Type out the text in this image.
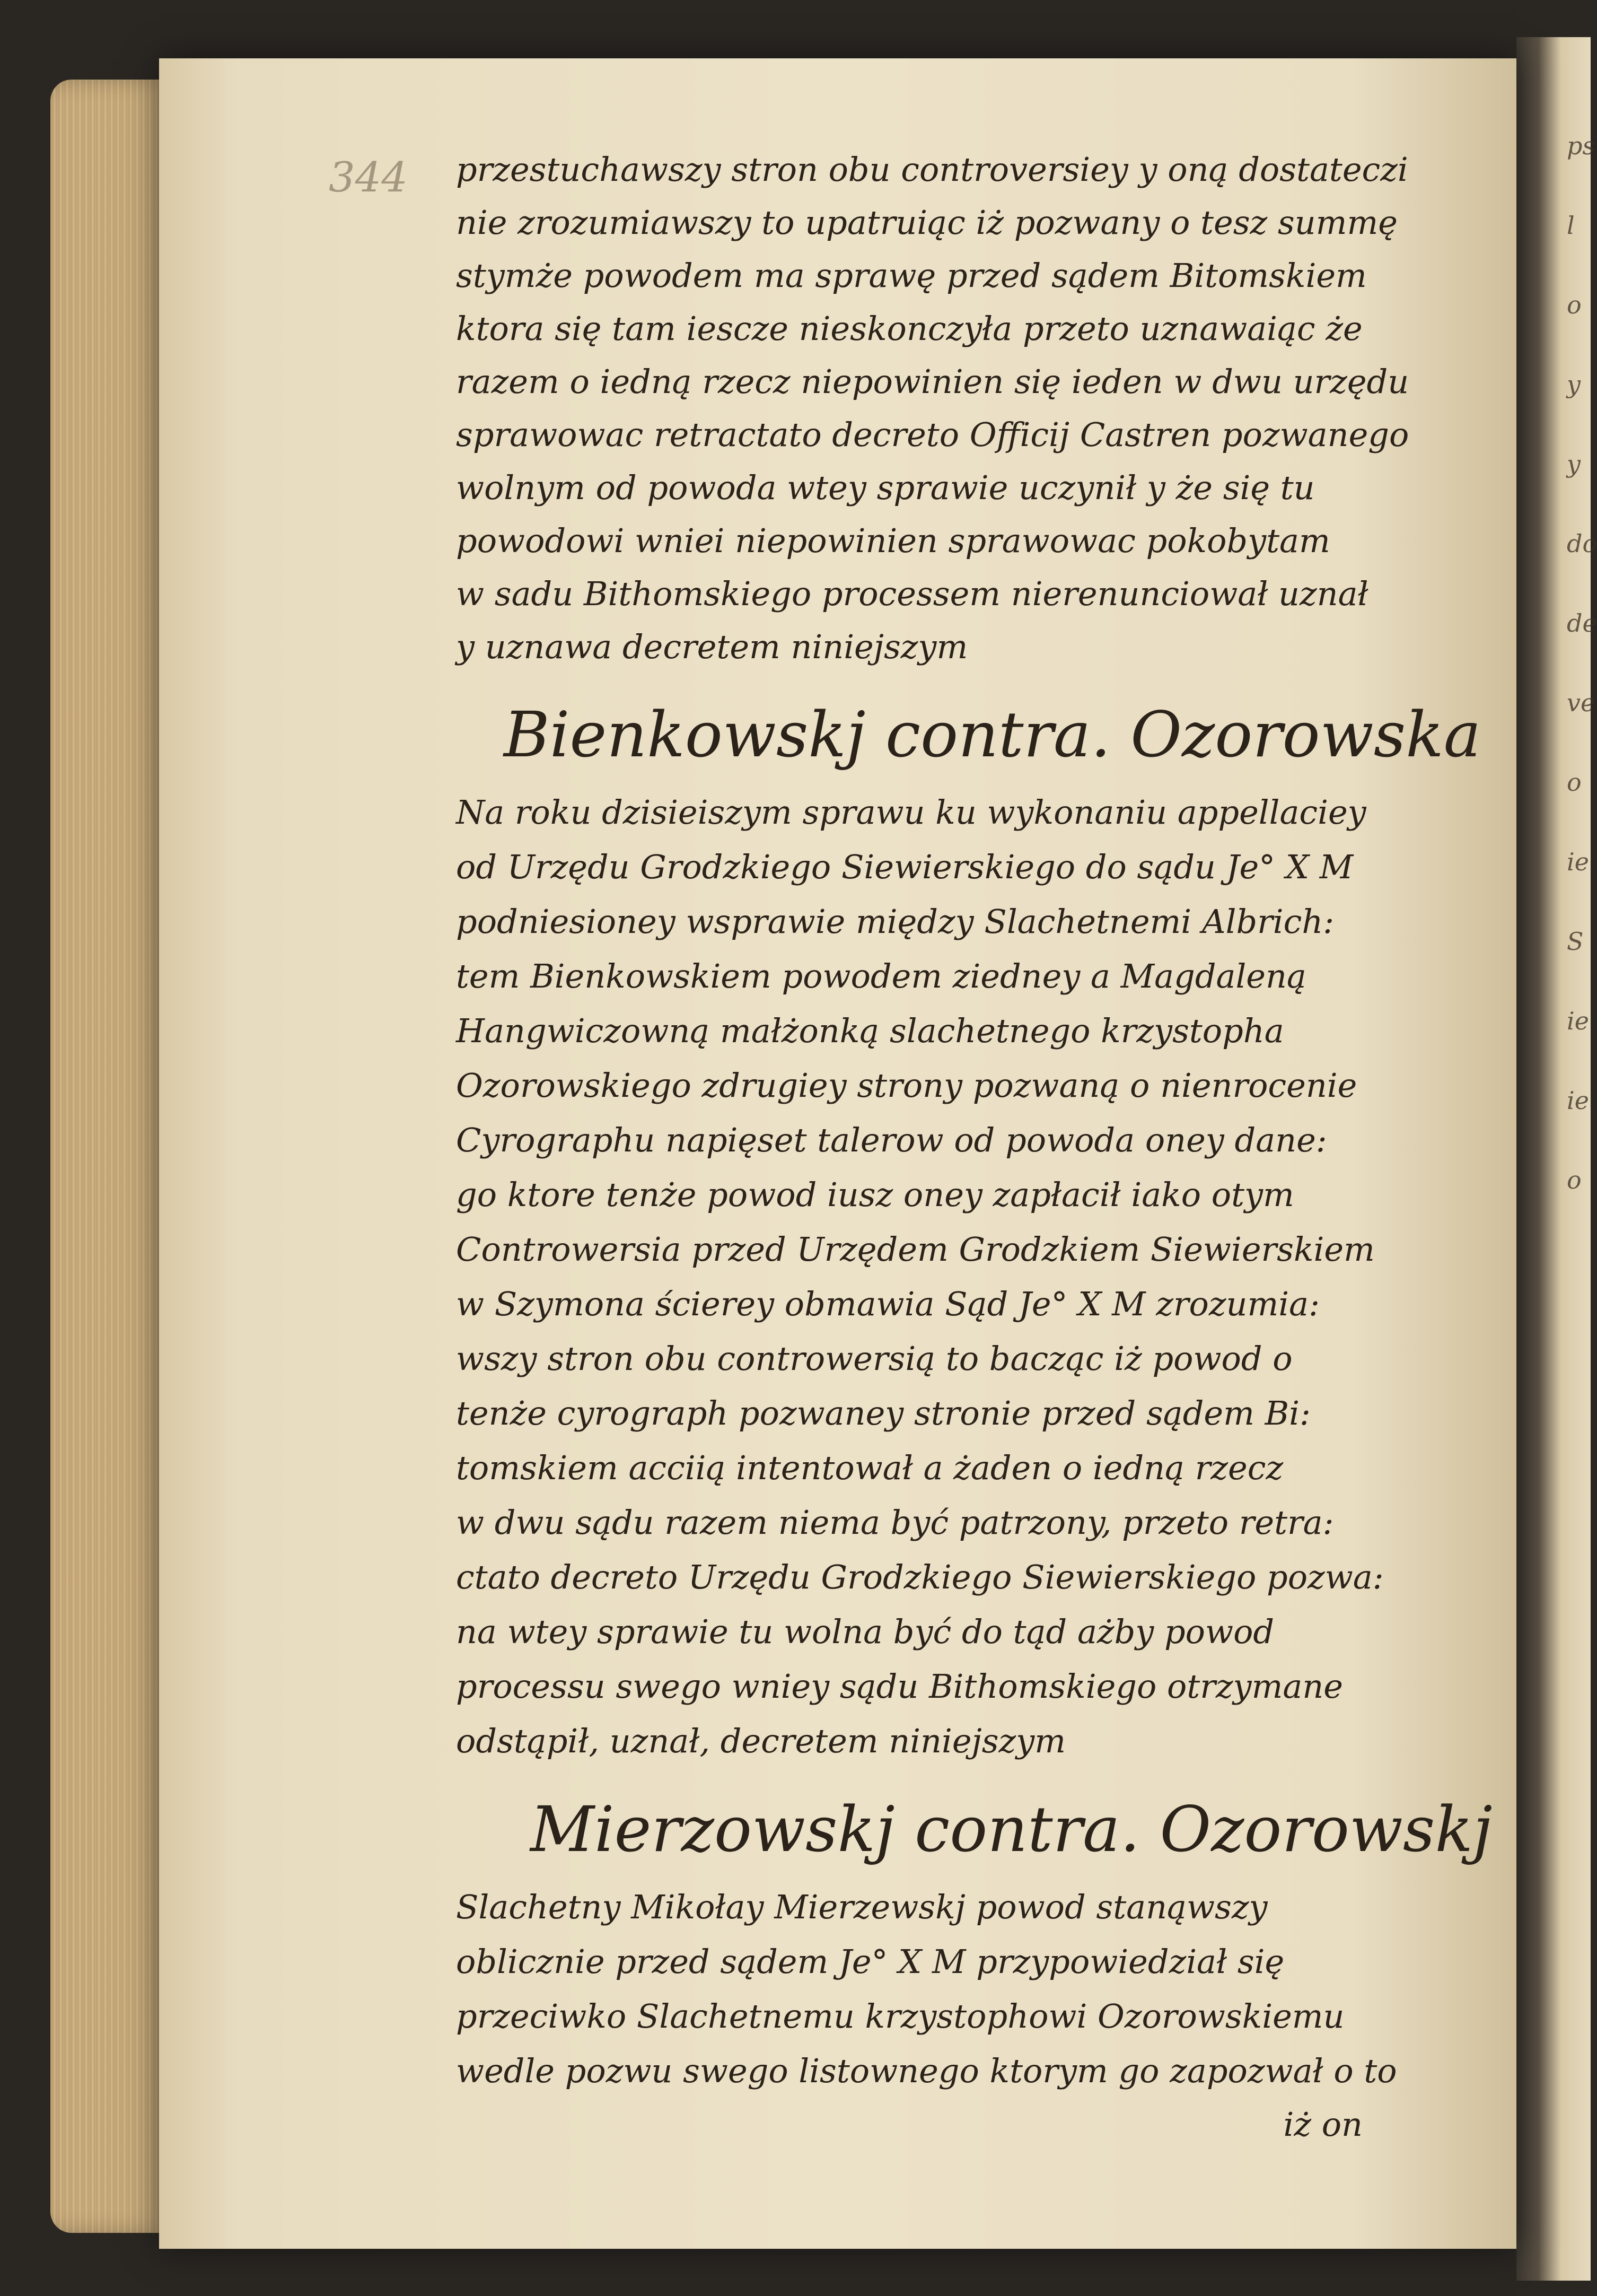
ps
l
o
y
y
do
de
ve
o
ie
S
ie
ie
o
344 przestuchawszy stron obu controversiey y oną dostateczi
nie zrozumiawszy to upatruiąc iż pozwany o tesz summę
stymże powodem ma sprawę przed sądem Bitomskiem
ktora się tam iescze nieskonczyła przeto uznawaiąc że
razem o iedną rzecz niepowinien się ieden w dwu urzędu
sprawowac retractato decreto Officij Castren pozwanego
wolnym od powoda wtey sprawie uczynił y że się tu
powodowi wniei niepowinien sprawowac pokobytam
w sadu Bithomskiego processem nierenunciował uznał
y uznawa decretem niniejszym
Bienkowskj contra. Ozorowska
Na roku dzisieiszym sprawu ku wykonaniu appellaciey
od Urzędu Grodzkiego Siewierskiego do sądu Je° X M
podniesioney wsprawie między Slachetnemi Albrich:
tem Bienkowskiem powodem ziedney a Magdaleną
Hangwiczowną małżonką slachetnego krzystopha
Ozorowskiego zdrugiey strony pozwaną o nienrocenie
Cyrographu napięset talerow od powoda oney dane:
go ktore tenże powod iusz oney zapłacił iako otym
Controwersia przed Urzędem Grodzkiem Siewierskiem
w Szymona ścierey obmawia Sąd Je° X M zrozumia:
wszy stron obu controwersią to bacząc iż powod o
tenże cyrograph pozwaney stronie przed sądem Bi:
tomskiem acciią intentował a żaden o iedną rzecz
w dwu sądu razem niema być patrzony, przeto retra:
ctato decreto Urzędu Grodzkiego Siewierskiego pozwa:
na wtey sprawie tu wolna być do tąd ażby powod
processu swego wniey sądu Bithomskiego otrzymane
odstąpił, uznał, decretem niniejszym
Mierzowskj contra. Ozorowskj
Slachetny Mikołay Mierzewskj powod stanąwszy
oblicznie przed sądem Je° X M przypowiedział się
przeciwko Slachetnemu krzystophowi Ozorowskiemu
wedle pozwu swego listownego ktorym go zapozwał o to
iż on
